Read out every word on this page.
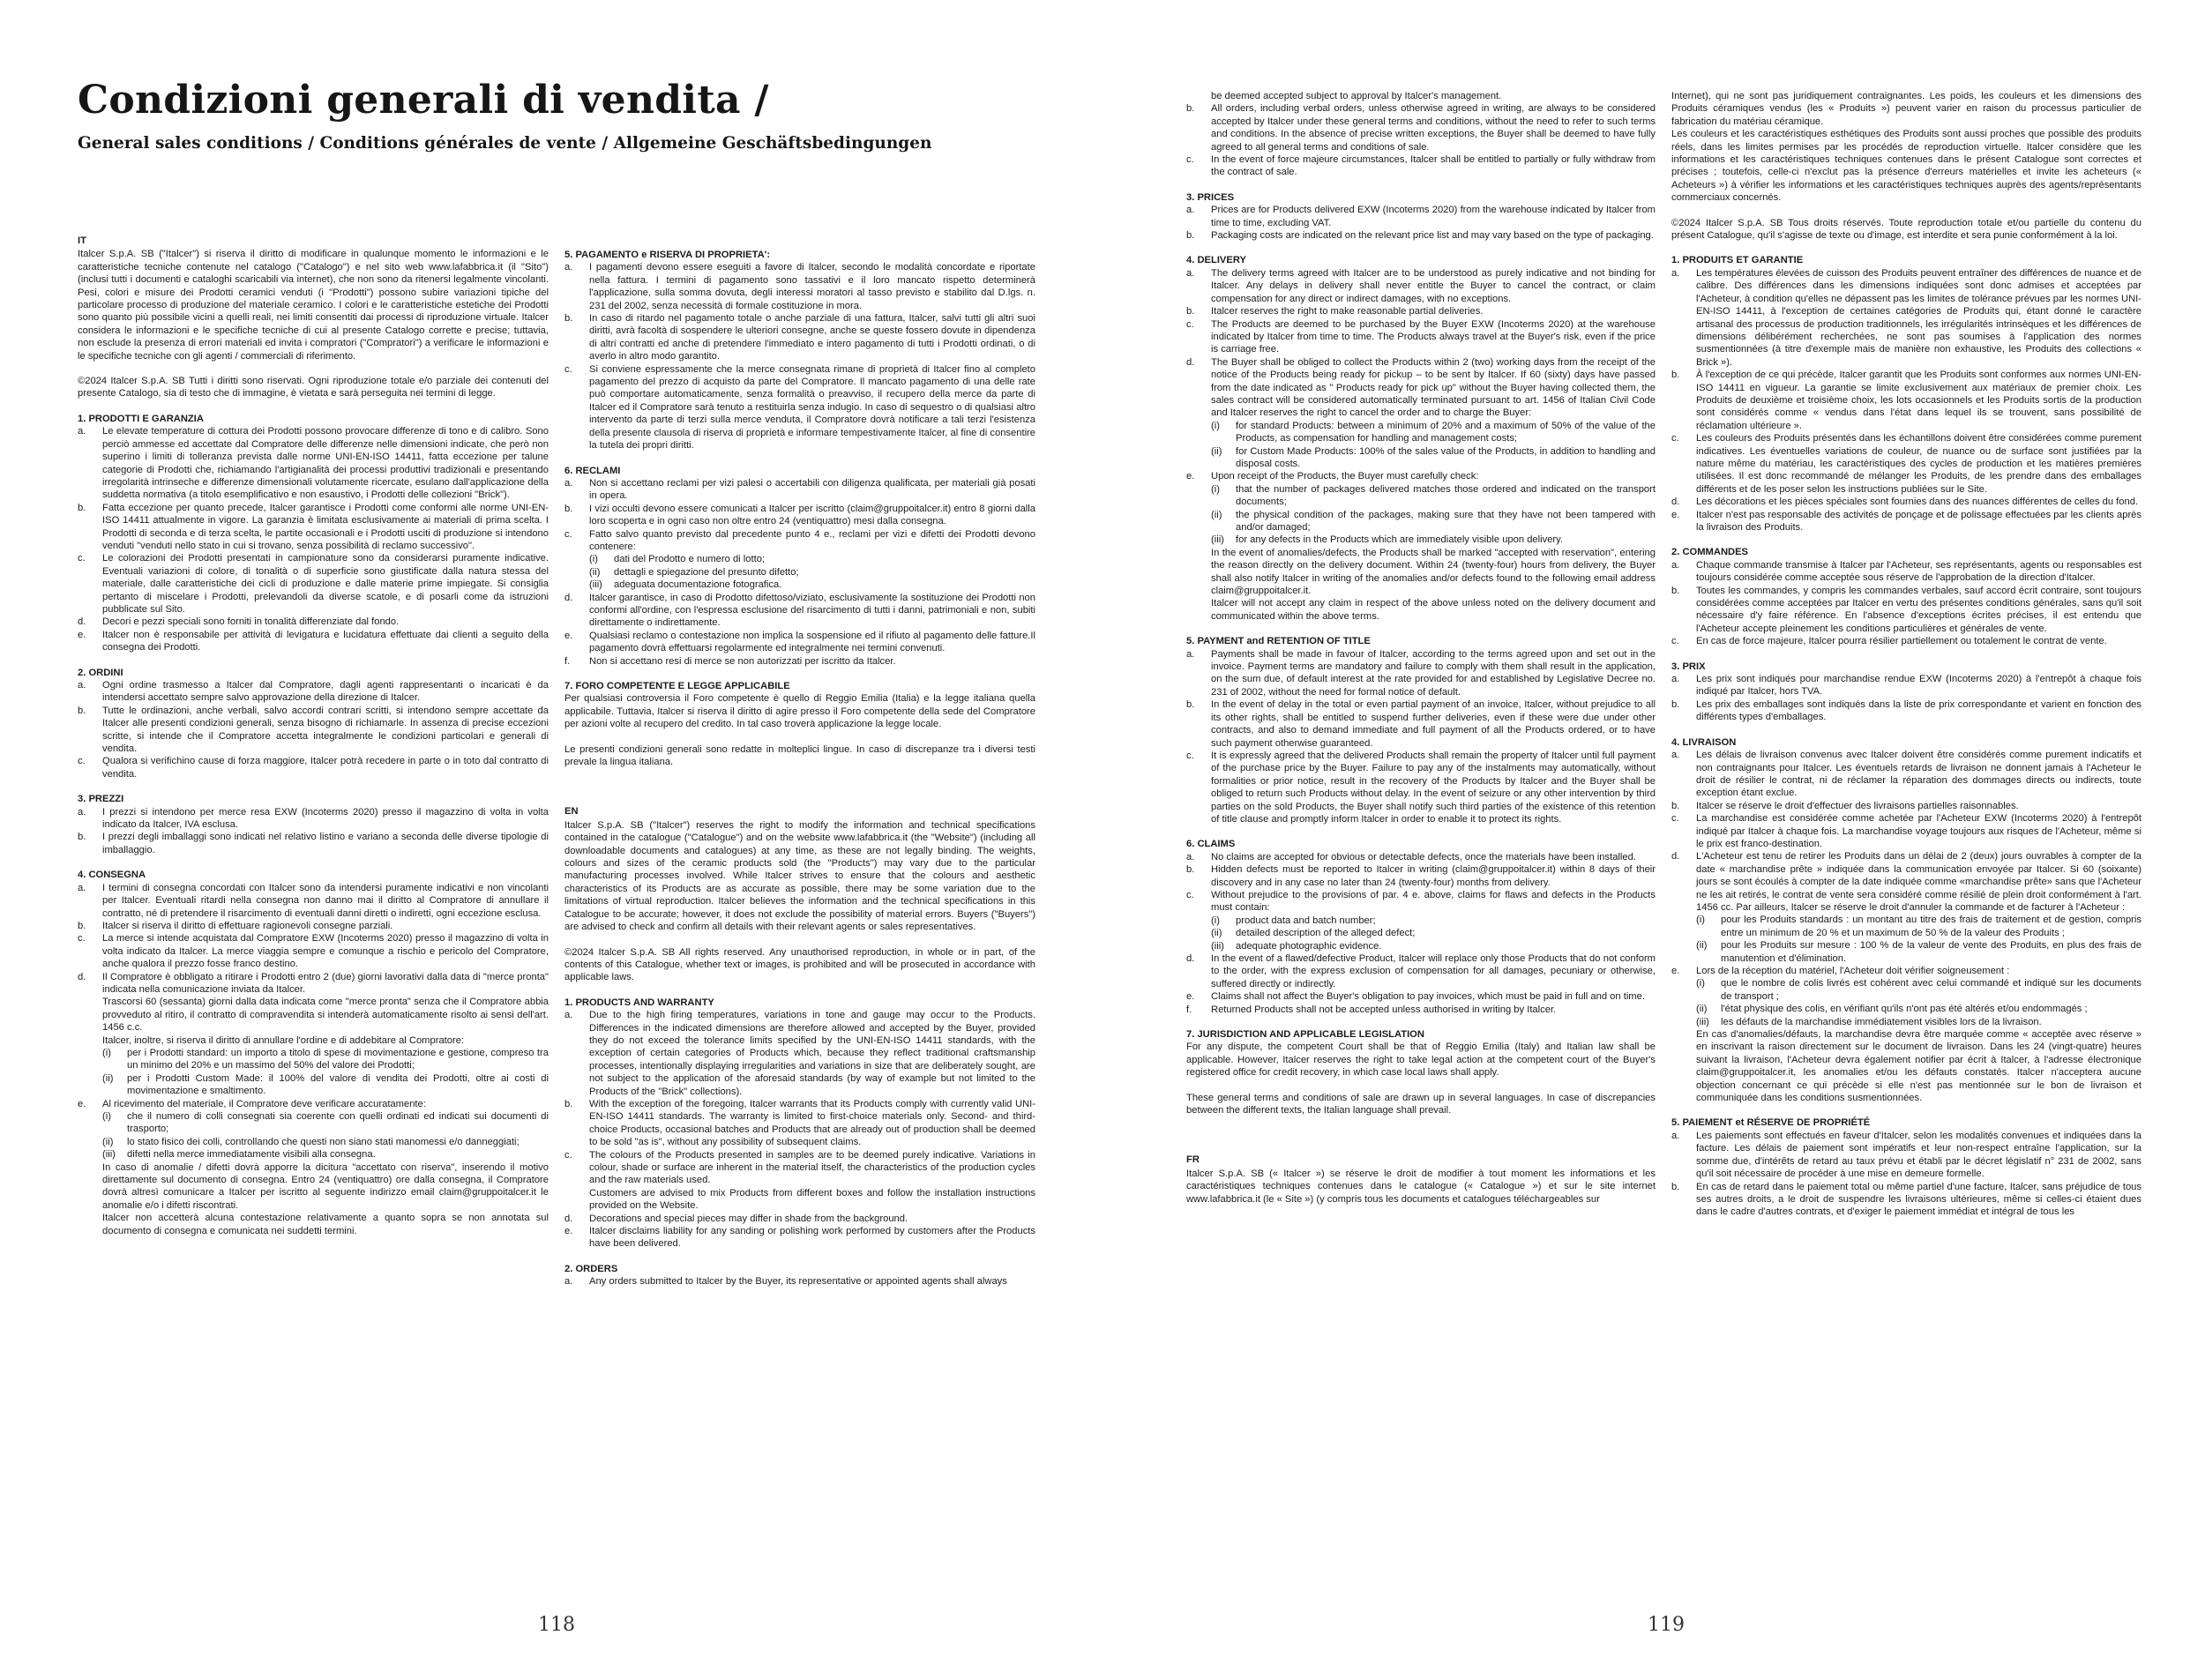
Condizioni generali di vendita /
General sales conditions / Conditions générales de vente / Allgemeine Geschäftsbedingungen

IT

Italcer S.p.A. SB ("Italcer") si riserva il diritto di modificare in qualunque momento le informazioni e le caratteristiche tecniche contenute nel catalogo ("Catalogo") e nel sito web www.lafabbrica.it (il "Sito") (inclusi tutti i documenti e cataloghi scaricabili via internet), che non sono da ritenersi legalmente vincolanti. Pesi, colori e misure dei Prodotti ceramici venduti (i "Prodotti") possono subire variazioni tipiche del particolare processo di produzione del materiale ceramico. I colori e le caratteristiche estetiche dei Prodotti sono quanto più possibile vicini a quelli reali, nei limiti consentiti dai processi di riproduzione virtuale. Italcer considera le informazioni e le specifiche tecniche di cui al presente Catalogo corrette e precise; tuttavia, non esclude la presenza di errori materiali ed invita i compratori ("Compratori") a verificare le informazioni e le specifiche tecniche con gli agenti / commerciali di riferimento.

©2024 Italcer S.p.A. SB Tutti i diritti sono riservati. Ogni riproduzione totale e/o parziale dei contenuti del presente Catalogo, sia di testo che di immagine, è vietata e sarà perseguita nei termini di legge.

1. PRODOTTI E GARANZIA

a.	Le elevate temperature di cottura dei Prodotti possono provocare differenze di tono e di calibro. Sono perciò ammesse ed accettate dal Compratore delle differenze nelle dimensioni indicate, che però non superino i limiti di tolleranza prevista dalle norme UNI-EN-ISO 14411, fatta eccezione per talune categorie di Prodotti che, richiamando l'artigianalità dei processi produttivi tradizionali e presentando irregolarità intrinseche e differenze dimensionali volutamente ricercate, esulano dall'applicazione della suddetta normativa (a titolo esemplificativo e non esaustivo, i Prodotti delle collezioni "Brick").
b.	Fatta eccezione per quanto precede, Italcer garantisce i Prodotti come conformi alle norme UNI-EN-ISO 14411 attualmente in vigore. La garanzia è limitata esclusivamente ai materiali di prima scelta. I Prodotti di seconda e di terza scelta, le partite occasionali e i Prodotti usciti di produzione si intendono venduti "venduti nello stato in cui si trovano, senza possibilità di reclamo successivo".
c.	Le colorazioni dei Prodotti presentati in campionature sono da considerarsi puramente indicative. Eventuali variazioni di colore, di tonalità o di superficie sono giustificate dalla natura stessa del materiale, dalle caratteristiche dei cicli di produzione e dalle materie prime impiegate. Si consiglia pertanto di miscelare i Prodotti, prelevandoli da diverse scatole, e di posarli come da istruzioni pubblicate sul Sito.
d.	Decori e pezzi speciali sono forniti in tonalità differenziate dal fondo.
e.	Italcer non è responsabile per attività di levigatura e lucidatura effettuate dai clienti a seguito della consegna dei Prodotti.

2. ORDINI

a.	Ogni ordine trasmesso a Italcer dal Compratore, dagli agenti rappresentanti o incaricati è da intendersi accettato sempre salvo approvazione della direzione di Italcer.
b.	Tutte le ordinazioni, anche verbali, salvo accordi contrari scritti, si intendono sempre accettate da Italcer alle presenti condizioni generali, senza bisogno di richiamarle. In assenza di precise eccezioni scritte, si intende che il Compratore accetta integralmente le condizioni particolari e generali di vendita.
c.	Qualora si verifichino cause di forza maggiore, Italcer potrà recedere in parte o in toto dal contratto di vendita.

3. PREZZI

a.	I prezzi si intendono per merce resa EXW (Incoterms 2020) presso il magazzino di volta in volta indicato da Italcer, IVA esclusa.
b.	I prezzi degli imballaggi sono indicati nel relativo listino e variano a seconda delle diverse tipologie di imballaggio.

4. CONSEGNA

a.	I termini di consegna concordati con Italcer sono da intendersi puramente indicativi e non vincolanti per Italcer. Eventuali ritardi nella consegna non danno mai il diritto al Compratore di annullare il contratto, né di pretendere il risarcimento di eventuali danni diretti o indiretti, ogni eccezione esclusa.
b.	Italcer si riserva il diritto di effettuare ragionevoli consegne parziali.
c.	La merce si intende acquistata dal Compratore EXW (Incoterms 2020) presso il magazzino di volta in volta indicato da Italcer. La merce viaggia sempre e comunque a rischio e pericolo del Compratore, anche qualora il prezzo fosse franco destino.
d.	Il Compratore è obbligato a ritirare i Prodotti entro 2 (due) giorni lavorativi dalla data di "merce pronta" indicata nella comunicazione inviata da Italcer.

Trascorsi 60 (sessanta) giorni dalla data indicata come "merce pronta" senza che il Compratore abbia provveduto al ritiro, il contratto di compravendita si intenderà automaticamente risolto ai sensi dell'art. 1456 c.c.

Italcer, inoltre, si riserva il diritto di annullare l'ordine e di addebitare al Compratore:

(i)	per i Prodotti standard: un importo a titolo di spese di movimentazione e gestione, compreso tra un minimo del 20% e un massimo del 50% del valore dei Prodotti;
(ii)	per i Prodotti Custom Made: il 100% del valore di vendita dei Prodotti, oltre ai costi di movimentazione e smaltimento.
e.	Al ricevimento del materiale, il Compratore deve verificare accuratamente:
(i)	che il numero di colli consegnati sia coerente con quelli ordinati ed indicati sui documenti di trasporto;
(ii)	lo stato fisico dei colli, controllando che questi non siano stati manomessi e/o danneggiati;
(iii)	difetti nella merce immediatamente visibili alla consegna.

In caso di anomalie / difetti dovrà apporre la dicitura "accettato con riserva", inserendo il motivo direttamente sul documento di consegna. Entro 24 (ventiquattro) ore dalla consegna, il Compratore dovrà altresì comunicare a Italcer per iscritto al seguente indirizzo email claim@gruppoitalcer.it le anomalie e/o i difetti riscontrati.

Italcer non accetterà alcuna contestazione relativamente a quanto sopra se non annotata sul documento di consegna e comunicata nei suddetti termini.

5. PAGAMENTO e RISERVA DI PROPRIETA':

a.	I pagamenti devono essere eseguiti a favore di Italcer, secondo le modalità concordate e riportate nella fattura. I termini di pagamento sono tassativi e il loro mancato rispetto determinerà l'applicazione, sulla somma dovuta, degli interessi moratori al tasso previsto e stabilito dal D.lgs. n. 231 del 2002, senza necessità di formale costituzione in mora.
b.	In caso di ritardo nel pagamento totale o anche parziale di una fattura, Italcer, salvi tutti gli altri suoi diritti, avrà facoltà di sospendere le ulteriori consegne, anche se queste fossero dovute in dipendenza di altri contratti ed anche di pretendere l'immediato e intero pagamento di tutti i Prodotti ordinati, o di averlo in altro modo garantito.
c.	Si conviene espressamente che la merce consegnata rimane di proprietà di Italcer fino al completo pagamento del prezzo di acquisto da parte del Compratore. Il mancato pagamento di una delle rate può comportare automaticamente, senza formalità o preavviso, il recupero della merce da parte di Italcer ed il Compratore sarà tenuto a restituirla senza indugio. In caso di sequestro o di qualsiasi altro intervento da parte di terzi sulla merce venduta, il Compratore dovrà notificare a tali terzi l'esistenza della presente clausola di riserva di proprietà e informare tempestivamente Italcer, al fine di consentire la tutela dei propri diritti.

6. RECLAMI

a.	Non si accettano reclami per vizi palesi o accertabili con diligenza qualificata, per materiali già posati in opera.
b.	I vizi occulti devono essere comunicati a Italcer per iscritto (claim@gruppoitalcer.it) entro 8 giorni dalla loro scoperta e in ogni caso non oltre entro 24 (ventiquattro) mesi dalla consegna.
c.	Fatto salvo quanto previsto dal precedente punto 4 e., reclami per vizi e difetti dei Prodotti devono contenere:
(i)	dati del Prodotto e numero di lotto;
(ii)	dettagli e spiegazione del presunto difetto;
(iii)	adeguata documentazione fotografica.
d.	Italcer garantisce, in caso di Prodotto difettoso/viziato, esclusivamente la sostituzione dei Prodotti non conformi all'ordine, con l'espressa esclusione del risarcimento di tutti i danni, patrimoniali e non, subiti direttamente o indirettamente.
e.	Qualsiasi reclamo o contestazione non implica la sospensione ed il rifiuto al pagamento delle fatture.Il pagamento dovrà effettuarsi regolarmente ed integralmente nei termini convenuti.
f.	Non si accettano resi di merce se non autorizzati per iscritto da Italcer.

7. FORO COMPETENTE E LEGGE APPLICABILE

Per qualsiasi controversia il Foro competente è quello di Reggio Emilia (Italia) e la legge italiana quella applicabile. Tuttavia, Italcer si riserva il diritto di agire presso il Foro competente della sede del Compratore per azioni volte al recupero del credito. In tal caso troverà applicazione la legge locale.

Le presenti condizioni generali sono redatte in molteplici lingue. In caso di discrepanze tra i diversi testi prevale la lingua italiana.

EN

Italcer S.p.A. SB ("Italcer") reserves the right to modify the information and technical specifications contained in the catalogue ("Catalogue") and on the website www.lafabbrica.it (the "Website") (including all downloadable documents and catalogues) at any time, as these are not legally binding. The weights, colours and sizes of the ceramic products sold (the "Products") may vary due to the particular manufacturing processes involved. While Italcer strives to ensure that the colours and aesthetic characteristics of its Products are as accurate as possible, there may be some variation due to the limitations of virtual reproduction. Italcer believes the information and the technical specifications in this Catalogue to be accurate; however, it does not exclude the possibility of material errors. Buyers ("Buyers") are advised to check and confirm all details with their relevant agents or sales representatives.

©2024 Italcer S.p.A. SB All rights reserved. Any unauthorised reproduction, in whole or in part, of the contents of this Catalogue, whether text or images, is prohibited and will be prosecuted in accordance with applicable laws.

1. PRODUCTS AND WARRANTY

a.	Due to the high firing temperatures, variations in tone and gauge may occur to the Products. Differences in the indicated dimensions are therefore allowed and accepted by the Buyer, provided they do not exceed the tolerance limits specified by the UNI-EN-ISO 14411 standards, with the exception of certain categories of Products which, because they reflect traditional craftsmanship processes, intentionally displaying irregularities and variations in size that are deliberately sought, are not subject to the application of the aforesaid standards (by way of example but not limited to the Products of the "Brick" collections).
b.	With the exception of the foregoing, Italcer warrants that its Products comply with currently valid UNI-EN-ISO 14411 standards. The warranty is limited to first-choice materials only. Second- and third-choice Products, occasional batches and Products that are already out of production shall be deemed to be sold "as is", without any possibility of subsequent claims.
c.	The colours of the Products presented in samples are to be deemed purely indicative. Variations in colour, shade or surface are inherent in the material itself, the characteristics of the production cycles and the raw materials used.

Customers are advised to mix Products from different boxes and follow the installation instructions provided on the Website.

d.	Decorations and special pieces may differ in shade from the background.
e.	Italcer disclaims liability for any sanding or polishing work performed by customers after the Products have been delivered.

2. ORDERS

a.	Any orders submitted to Italcer by the Buyer, its representative or appointed agents shall always

be deemed accepted subject to approval by Italcer's management.

b.	All orders, including verbal orders, unless otherwise agreed in writing, are always to be considered accepted by Italcer under these general terms and conditions, without the need to refer to such terms and conditions. In the absence of precise written exceptions, the Buyer shall be deemed to have fully agreed to all general terms and conditions of sale.
c.	In the event of force majeure circumstances, Italcer shall be entitled to partially or fully withdraw from the contract of sale.

3. PRICES

a.	Prices are for Products delivered EXW (Incoterms 2020) from the warehouse indicated by Italcer from time to time, excluding VAT.
b.	Packaging costs are indicated on the relevant price list and may vary based on the type of packaging.

4. DELIVERY

a.	The delivery terms agreed with Italcer are to be understood as purely indicative and not binding for Italcer. Any delays in delivery shall never entitle the Buyer to cancel the contract, or claim compensation for any direct or indirect damages, with no exceptions.
b.	Italcer reserves the right to make reasonable partial deliveries.
c.	The Products are deemed to be purchased by the Buyer EXW (Incoterms 2020) at the warehouse indicated by Italcer from time to time. The Products always travel at the Buyer's risk, even if the price is carriage free.
d.	The Buyer shall be obliged to collect the Products within 2 (two) working days from the receipt of the notice of the Products being ready for pickup – to be sent by Italcer. If 60 (sixty) days have passed from the date indicated as " Products ready for pick up" without the Buyer having collected them, the sales contract will be considered automatically terminated pursuant to art. 1456 of Italian Civil Code and Italcer reserves the right to cancel the order and to charge the Buyer:
(i)	for standard Products: between a minimum of 20% and a maximum of 50% of the value of the Products, as compensation for handling and management costs;
(ii)	for Custom Made Products: 100% of the sales value of the Products, in addition to handling and disposal costs.
e.	Upon receipt of the Products, the Buyer must carefully check:
(i)	that the number of packages delivered matches those ordered and indicated on the transport documents;
(ii)	the physical condition of the packages, making sure that they have not been tampered with and/or damaged;
(iii)	for any defects in the Products which are immediately visible upon delivery.

In the event of anomalies/defects, the Products shall be marked "accepted with reservation", entering the reason directly on the delivery document. Within 24 (twenty-four) hours from delivery, the Buyer shall also notify Italcer in writing of the anomalies and/or defects found to the following email address claim@gruppoitalcer.it.

Italcer will not accept any claim in respect of the above unless noted on the delivery document and communicated within the above terms.

5. PAYMENT and RETENTION OF TITLE

a.	Payments shall be made in favour of Italcer, according to the terms agreed upon and set out in the invoice. Payment terms are mandatory and failure to comply with them shall result in the application, on the sum due, of default interest at the rate provided for and established by Legislative Decree no. 231 of 2002, without the need for formal notice of default.
b.	In the event of delay in the total or even partial payment of an invoice, Italcer, without prejudice to all its other rights, shall be entitled to suspend further deliveries, even if these were due under other contracts, and also to demand immediate and full payment of all the Products ordered, or to have such payment otherwise guaranteed.
c.	It is expressly agreed that the delivered Products shall remain the property of Italcer until full payment of the purchase price by the Buyer. Failure to pay any of the instalments may automatically, without formalities or prior notice, result in the recovery of the Products by Italcer and the Buyer shall be obliged to return such Products without delay. In the event of seizure or any other intervention by third parties on the sold Products, the Buyer shall notify such third parties of the existence of this retention of title clause and promptly inform Italcer in order to enable it to protect its rights.

6. CLAIMS

a.	No claims are accepted for obvious or detectable defects, once the materials have been installed.
b.	Hidden defects must be reported to Italcer in writing (claim@gruppoitalcer.it) within 8 days of their discovery and in any case no later than 24 (twenty-four) months from delivery.
c.	Without prejudice to the provisions of par. 4 e. above, claims for flaws and defects in the Products must contain:
(i)	product data and batch number;
(ii)	detailed description of the alleged defect;
(iii)	adequate photographic evidence.
d.	In the event of a flawed/defective Product, Italcer will replace only those Products that do not conform to the order, with the express exclusion of compensation for all damages, pecuniary or otherwise, suffered directly or indirectly.
e.	Claims shall not affect the Buyer's obligation to pay invoices, which must be paid in full and on time.
f.	Returned Products shall not be accepted unless authorised in writing by Italcer.

7. JURISDICTION AND APPLICABLE LEGISLATION

For any dispute, the competent Court shall be that of Reggio Emilia (Italy) and Italian law shall be applicable. However, Italcer reserves the right to take legal action at the competent court of the Buyer's registered office for credit recovery, in which case local laws shall apply.

These general terms and conditions of sale are drawn up in several languages. In case of discrepancies between the different texts, the Italian language shall prevail.

FR

Italcer S.p.A. SB (« Italcer ») se réserve le droit de modifier à tout moment les informations et les caractéristiques techniques contenues dans le catalogue (« Catalogue ») et sur le site internet www.lafabbrica.it (le « Site ») (y compris tous les documents et catalogues téléchargeables sur

Internet), qui ne sont pas juridiquement contraignantes. Les poids, les couleurs et les dimensions des Produits céramiques vendus (les « Produits ») peuvent varier en raison du processus particulier de fabrication du matériau céramique.

Les couleurs et les caractéristiques esthétiques des Produits sont aussi proches que possible des produits réels, dans les limites permises par les procédés de reproduction virtuelle. Italcer considère que les informations et les caractéristiques techniques contenues dans le présent Catalogue sont correctes et précises ; toutefois, celle-ci n'exclut pas la présence d'erreurs matérielles et invite les acheteurs (« Acheteurs ») à vérifier les informations et les caractéristiques techniques auprès des agents/représentants commerciaux concernés.

©2024 Italcer S.p.A. SB Tous droits réservés. Toute reproduction totale et/ou partielle du contenu du présent Catalogue, qu'il s'agisse de texte ou d'image, est interdite et sera punie conformément à la loi.

1. PRODUITS ET GARANTIE

a.	Les températures élevées de cuisson des Produits peuvent entraîner des différences de nuance et de calibre. Des différences dans les dimensions indiquées sont donc admises et acceptées par l'Acheteur, à condition qu'elles ne dépassent pas les limites de tolérance prévues par les normes UNI-EN-ISO 14411, à l'exception de certaines catégories de Produits qui, étant donné le caractère artisanal des processus de production traditionnels, les irrégularités intrinsèques et les différences de dimensions délibérément recherchées, ne sont pas soumises à l'application des normes susmentionnées (à titre d'exemple mais de manière non exhaustive, les Produits des collections « Brick »).
b.	À l'exception de ce qui précède, Italcer garantit que les Produits sont conformes aux normes UNI-EN-ISO 14411 en vigueur. La garantie se limite exclusivement aux matériaux de premier choix. Les Produits de deuxième et troisième choix, les lots occasionnels et les Produits sortis de la production sont considérés comme « vendus dans l'état dans lequel ils se trouvent, sans possibilité de réclamation ultérieure ».
c.	Les couleurs des Produits présentés dans les échantillons doivent être considérées comme purement indicatives. Les éventuelles variations de couleur, de nuance ou de surface sont justifiées par la nature même du matériau, les caractéristiques des cycles de production et les matières premières utilisées. Il est donc recommandé de mélanger les Produits, de les prendre dans des emballages différents et de les poser selon les instructions publiées sur le Site.
d.	Les décorations et les pièces spéciales sont fournies dans des nuances différentes de celles du fond.
e.	Italcer n'est pas responsable des activités de ponçage et de polissage effectuées par les clients après la livraison des Produits.

2. COMMANDES

a.	Chaque commande transmise à Italcer par l'Acheteur, ses représentants, agents ou responsables est toujours considérée comme acceptée sous réserve de l'approbation de la direction d'Italcer.
b.	Toutes les commandes, y compris les commandes verbales, sauf accord écrit contraire, sont toujours considérées comme acceptées par Italcer en vertu des présentes conditions générales, sans qu'il soit nécessaire d'y faire référence. En l'absence d'exceptions écrites précises, il est entendu que l'Acheteur accepte pleinement les conditions particulières et générales de vente.
c.	En cas de force majeure, Italcer pourra résilier partiellement ou totalement le contrat de vente.

3. PRIX

a.	Les prix sont indiqués pour marchandise rendue EXW (Incoterms 2020) à l'entrepôt à chaque fois indiqué par Italcer, hors TVA.
b.	Les prix des emballages sont indiqués dans la liste de prix correspondante et varient en fonction des différents types d'emballages.

4. LIVRAISON

a.	Les délais de livraison convenus avec Italcer doivent être considérés comme purement indicatifs et non contraignants pour Italcer. Les éventuels retards de livraison ne donnent jamais à l'Acheteur le droit de résilier le contrat, ni de réclamer la réparation des dommages directs ou indirects, toute exception étant exclue.
b.	Italcer se réserve le droit d'effectuer des livraisons partielles raisonnables.
c.	La marchandise est considérée comme achetée par l'Acheteur EXW (Incoterms 2020) à l'entrepôt indiqué par Italcer à chaque fois. La marchandise voyage toujours aux risques de l'Acheteur, même si le prix est franco-destination.
d.	L'Acheteur est tenu de retirer les Produits dans un délai de 2 (deux) jours ouvrables à compter de la date « marchandise prête » indiquée dans la communication envoyée par Italcer. Si 60 (soixante) jours se sont écoulés à compter de la date indiquée comme «marchandise prête» sans que l'Acheteur ne les ait retirés, le contrat de vente sera considéré comme résilié de plein droit conformément à l'art. 1456 cc. Par ailleurs, Italcer se réserve le droit d'annuler la commande et de facturer à l'Acheteur :
(i)	pour les Produits standards : un montant au titre des frais de traitement et de gestion, compris entre un minimum de 20 % et un maximum de 50 % de la valeur des Produits ;
(ii)	pour les Produits sur mesure : 100 % de la valeur de vente des Produits, en plus des frais de manutention et d'élimination.
e.	Lors de la réception du matériel, l'Acheteur doit vérifier soigneusement :
(i)	que le nombre de colis livrés est cohérent avec celui commandé et indiqué sur les documents de transport ;
(ii)	l'état physique des colis, en vérifiant qu'ils n'ont pas été altérés et/ou endommagés ;
(iii)	les défauts de la marchandise immédiatement visibles lors de la livraison.

En cas d'anomalies/défauts, la marchandise devra être marquée comme « acceptée avec réserve » en inscrivant la raison directement sur le document de livraison. Dans les 24 (vingt-quatre) heures suivant la livraison, l'Acheteur devra également notifier par écrit à Italcer, à l'adresse électronique claim@gruppoitalcer.it, les anomalies et/ou les défauts constatés. Italcer n'acceptera aucune objection concernant ce qui précède si elle n'est pas mentionnée sur le bon de livraison et communiquée dans les conditions susmentionnées.

5. PAIEMENT et RÉSERVE DE PROPRIÉTÉ

a.	Les paiements sont effectués en faveur d'Italcer, selon les modalités convenues et indiquées dans la facture. Les délais de paiement sont impératifs et leur non-respect entraîne l'application, sur la somme due, d'intérêts de retard au taux prévu et établi par le décret législatif n° 231 de 2002, sans qu'il soit nécessaire de procéder à une mise en demeure formelle.
b.	En cas de retard dans le paiement total ou même partiel d'une facture, Italcer, sans préjudice de tous ses autres droits, a le droit de suspendre les livraisons ultérieures, même si celles-ci étaient dues dans le cadre d'autres contrats, et d'exiger le paiement immédiat et intégral de tous les
118	119
